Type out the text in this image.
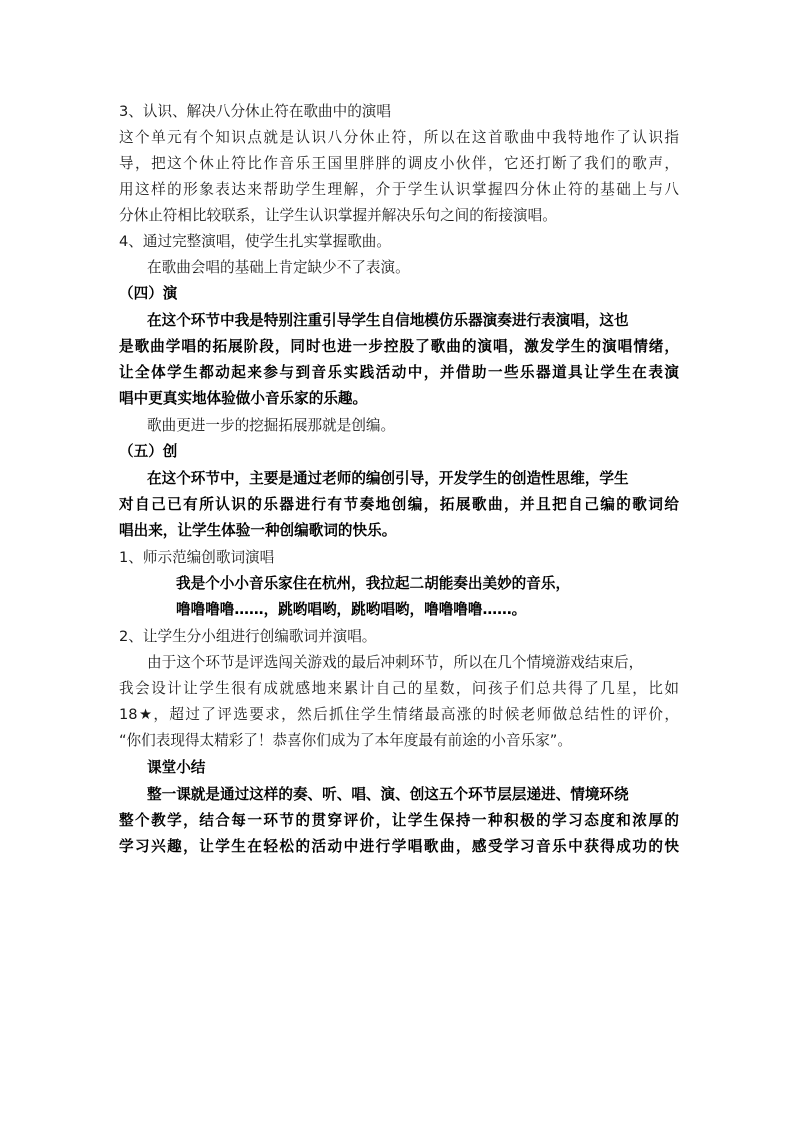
3、认识、解决八分休止符在歌曲中的演唱
这个单元有个知识点就是认识八分休止符，所以在这首歌曲中我特地作了认识指
导，把这个休止符比作音乐王国里胖胖的调皮小伙伴，它还打断了我们的歌声，
用这样的形象表达来帮助学生理解，介于学生认识掌握四分休止符的基础上与八
分休止符相比较联系，让学生认识掌握并解决乐句之间的衔接演唱。
4、通过完整演唱，使学生扎实掌握歌曲。
在歌曲会唱的基础上肯定缺少不了表演。
（四）演
在这个环节中我是特别注重引导学生自信地模仿乐器演奏进行表演唱，这也
是歌曲学唱的拓展阶段，同时也进一步控股了歌曲的演唱，激发学生的演唱情绪，
让全体学生都动起来参与到音乐实践活动中，并借助一些乐器道具让学生在表演
唱中更真实地体验做小音乐家的乐趣。
歌曲更进一步的挖掘拓展那就是创编。
（五）创
在这个环节中，主要是通过老师的编创引导，开发学生的创造性思维，学生
对自己已有所认识的乐器进行有节奏地创编，拓展歌曲，并且把自己编的歌词给
唱出来，让学生体验一种创编歌词的快乐。
1、师示范编创歌词演唱
我是个小小音乐家住在杭州，我拉起二胡能奏出美妙的音乐，
噜噜噜噜……，跳哟唱哟，跳哟唱哟，噜噜噜噜……。
2、让学生分小组进行创编歌词并演唱。
由于这个环节是评选闯关游戏的最后冲刺环节，所以在几个情境游戏结束后，
我会设计让学生很有成就感地来累计自己的星数，问孩子们总共得了几星，比如
18★，超过了评选要求，然后抓住学生情绪最高涨的时候老师做总结性的评价，
“你们表现得太精彩了！恭喜你们成为了本年度最有前途的小音乐家”。
课堂小结
整一课就是通过这样的奏、听、唱、演、创这五个环节层层递进、情境环绕
整个教学，结合每一环节的贯穿评价，让学生保持一种积极的学习态度和浓厚的
学习兴趣，让学生在轻松的活动中进行学唱歌曲，感受学习音乐中获得成功的快
